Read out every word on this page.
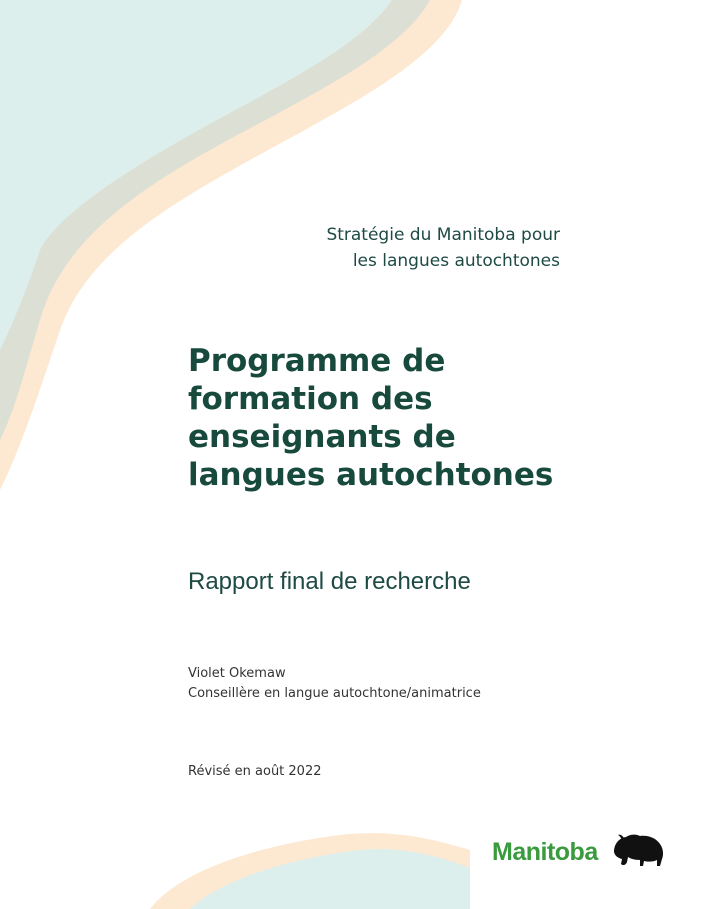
Stratégie du Manitoba pour
les langues autochtones
Programme de
formation des
enseignants de
langues autochtones
Rapport final de recherche
Violet Okemaw
Conseillère en langue autochtone/animatrice
Révisé en août 2022
Manitoba
